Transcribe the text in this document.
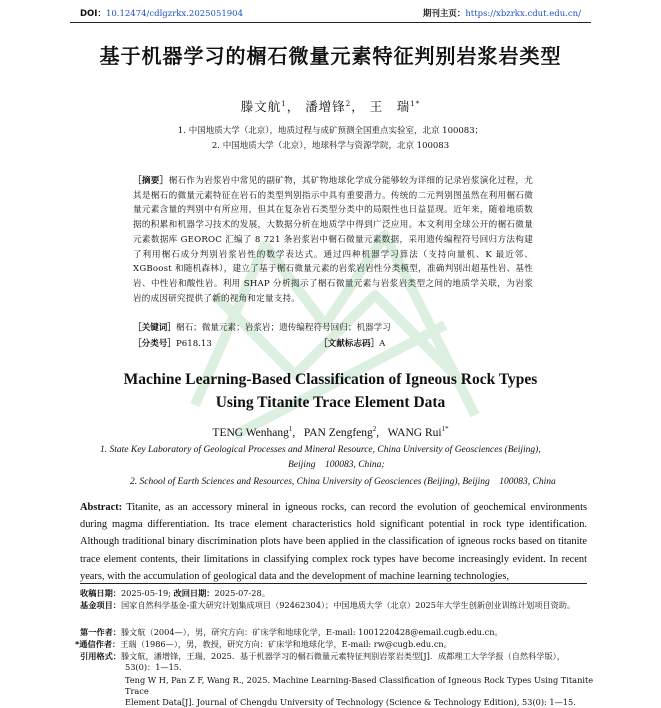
DOI：10.12474/cdlgzrkx.2025051904	期刊主页：https://xbzrkx.cdut.edu.cn/
基于机器学习的榍石微量元素特征判别岩浆岩类型
滕文航$^1$， 潘增锋$^2$， 王　瑞$^{1*}$
1. 中国地质大学（北京），地质过程与成矿预测全国重点实验室，北京 100083；
2. 中国地质大学（北京），地球科学与资源学院，北京 100083
［摘要］榍石作为岩浆岩中常见的副矿物，其矿物地球化学成分能够较为详细的记录岩浆演化过程，尤其是榍石的微量元素特征在岩石的类型判别指示中具有重要潜力。传统的二元判别图虽然在利用榍石微量元素含量的判别中有所应用，但其在复杂岩石类型分类中的局限性也日益显现。近年来，随着地质数据的积累和机器学习技术的发展，大数据分析在地质学中得到广泛应用。本文利用全球公开的榍石微量元素数据库 GEOROC 汇编了 8 721 条岩浆岩中榍石微量元素数据，采用遗传编程符号回归方法构建了利用榍石成分判别岩浆岩性的数学表达式。通过四种机器学习算法（支持向量机、K 最近邻、XGBoost 和随机森林），建立了基于榍石微量元素的岩浆岩岩性分类模型，准确判别出超基性岩、基性岩、中性岩和酸性岩。利用 SHAP 分析揭示了榍石微量元素与岩浆岩类型之间的地质学关联，为岩浆岩的成因研究提供了新的视角和定量支持。
［关键词］榍石；微量元素；岩浆岩；遗传编程符号回归；机器学习
［分类号］P618.13	［文献标志码］A
Machine Learning-Based Classification of Igneous Rock Types
Using Titanite Trace Element Data
TENG Wenhang$^1$,   PAN Zengfeng$^2$,   WANG Rui$^{1*}$
1. State Key Laboratory of Geological Processes and Mineral Resource, China University of Geosciences (Beijing),
Beijing　100083, China;
2. School of Earth Sciences and Resources, China University of Geosciences (Beijing), Beijing　100083, China
Abstract: Titanite, as an accessory mineral in igneous rocks, can record the evolution of geochemical environments during magma differentiation. Its trace element characteristics hold significant potential in rock type identification. Although traditional binary discrimination plots have been applied in the classification of igneous rocks based on titanite trace element contents, their limitations in classifying complex rock types have become increasingly evident. In recent years, with the accumulation of geological data and the development of machine learning technologies,
收稿日期：2025-05-19; 改回日期：2025-07-28。
基金项目：国家自然科学基金-重大研究计划集成项目（92462304）；中国地质大学（北京）2025年大学生创新创业训练计划项目资助。
第一作者：滕文航（2004—），男，研究方向：矿床学和地球化学，E-mail: 1001220428@email.cugb.edu.cn。
*通信作者：王瑞（1986—），男，教授，研究方向：矿床学和地球化学，E-mail: rw@cugb.edu.cn。
引用格式：滕文航，潘增锋，王瑞，2025．基于机器学习的榍石微量元素特征判别岩浆岩类型[J]．成都理工大学学报（自然科学版），53(0)：1—15．
Teng W H, Pan Z F, Wang R., 2025. Machine Learning-Based Classification of Igneous Rock Types Using Titanite Trace
Element Data[J]. Journal of Chengdu University of Technology (Science & Technology Edition), 53(0): 1—15.
